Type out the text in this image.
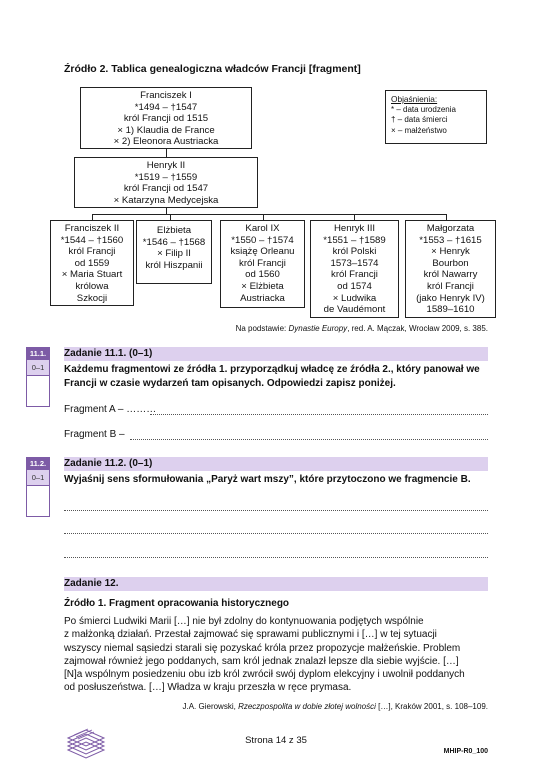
Źródło 2. Tablica genealogiczna władców Francji [fragment]
Franciszek I
*1494 – †1547
król Francji od 1515
× 1) Klaudia de France
× 2) Eleonora Austriacka
Henryk II
*1519 – †1559
król Francji od 1547
× Katarzyna Medycejska
Franciszek II
*1544 – †1560
król Francji
od 1559
× Maria Stuart
królowa
Szkocji
Elżbieta
*1546 – †1568
× Filip II
król Hiszpanii
Karol IX
*1550 – †1574
książę Orleanu
król Francji
od 1560
× Elżbieta
Austriacka
Henryk III
*1551 – †1589
król Polski
1573–1574
król Francji
od 1574
× Ludwika
de Vaudémont
Małgorzata
*1553 – †1615
× Henryk
Bourbon
król Nawarry
król Francji
(jako Henryk IV)
1589–1610
Objaśnienia:
* – data urodzenia
† – data śmierci
× – małżeństwo
Na podstawie: Dynastie Europy, red. A. Mączak, Wrocław 2009, s. 385.
11.1.
0–1
Zadanie 11.1. (0–1)
Każdemu fragmentowi ze źródła 1. przyporządkuj władcę ze źródła 2., który panował we Francji w czasie wydarzeń tam opisanych. Odpowiedzi zapisz poniżej.
Fragment A – ………
Fragment B –
11.2.
0–1
Zadanie 11.2. (0–1)
Wyjaśnij sens sformułowania „Paryż wart mszy”, które przytoczono we fragmencie B.
Zadanie 12.
Źródło 1. Fragment opracowania historycznego
Po śmierci Ludwiki Marii […] nie był zdolny do kontynuowania podjętych wspólnie
z małżonką działań. Przestał zajmować się sprawami publicznymi i […] w tej sytuacji
wszyscy niemal sąsiedzi starali się pozyskać króla przez propozycje małżeńskie. Problem
zajmował również jego poddanych, sam król jednak znalazł lepsze dla siebie wyjście. […]
[N]a wspólnym posiedzeniu obu izb król zwrócił swój dyplom elekcyjny i uwolnił poddanych
od posłuszeństwa. […] Władza w kraju przeszła w ręce prymasa.
J.A. Gierowski, Rzeczpospolita w dobie złotej wolności […], Kraków 2001, s. 108–109.
Strona 14 z 35
MHIP-R0_100
